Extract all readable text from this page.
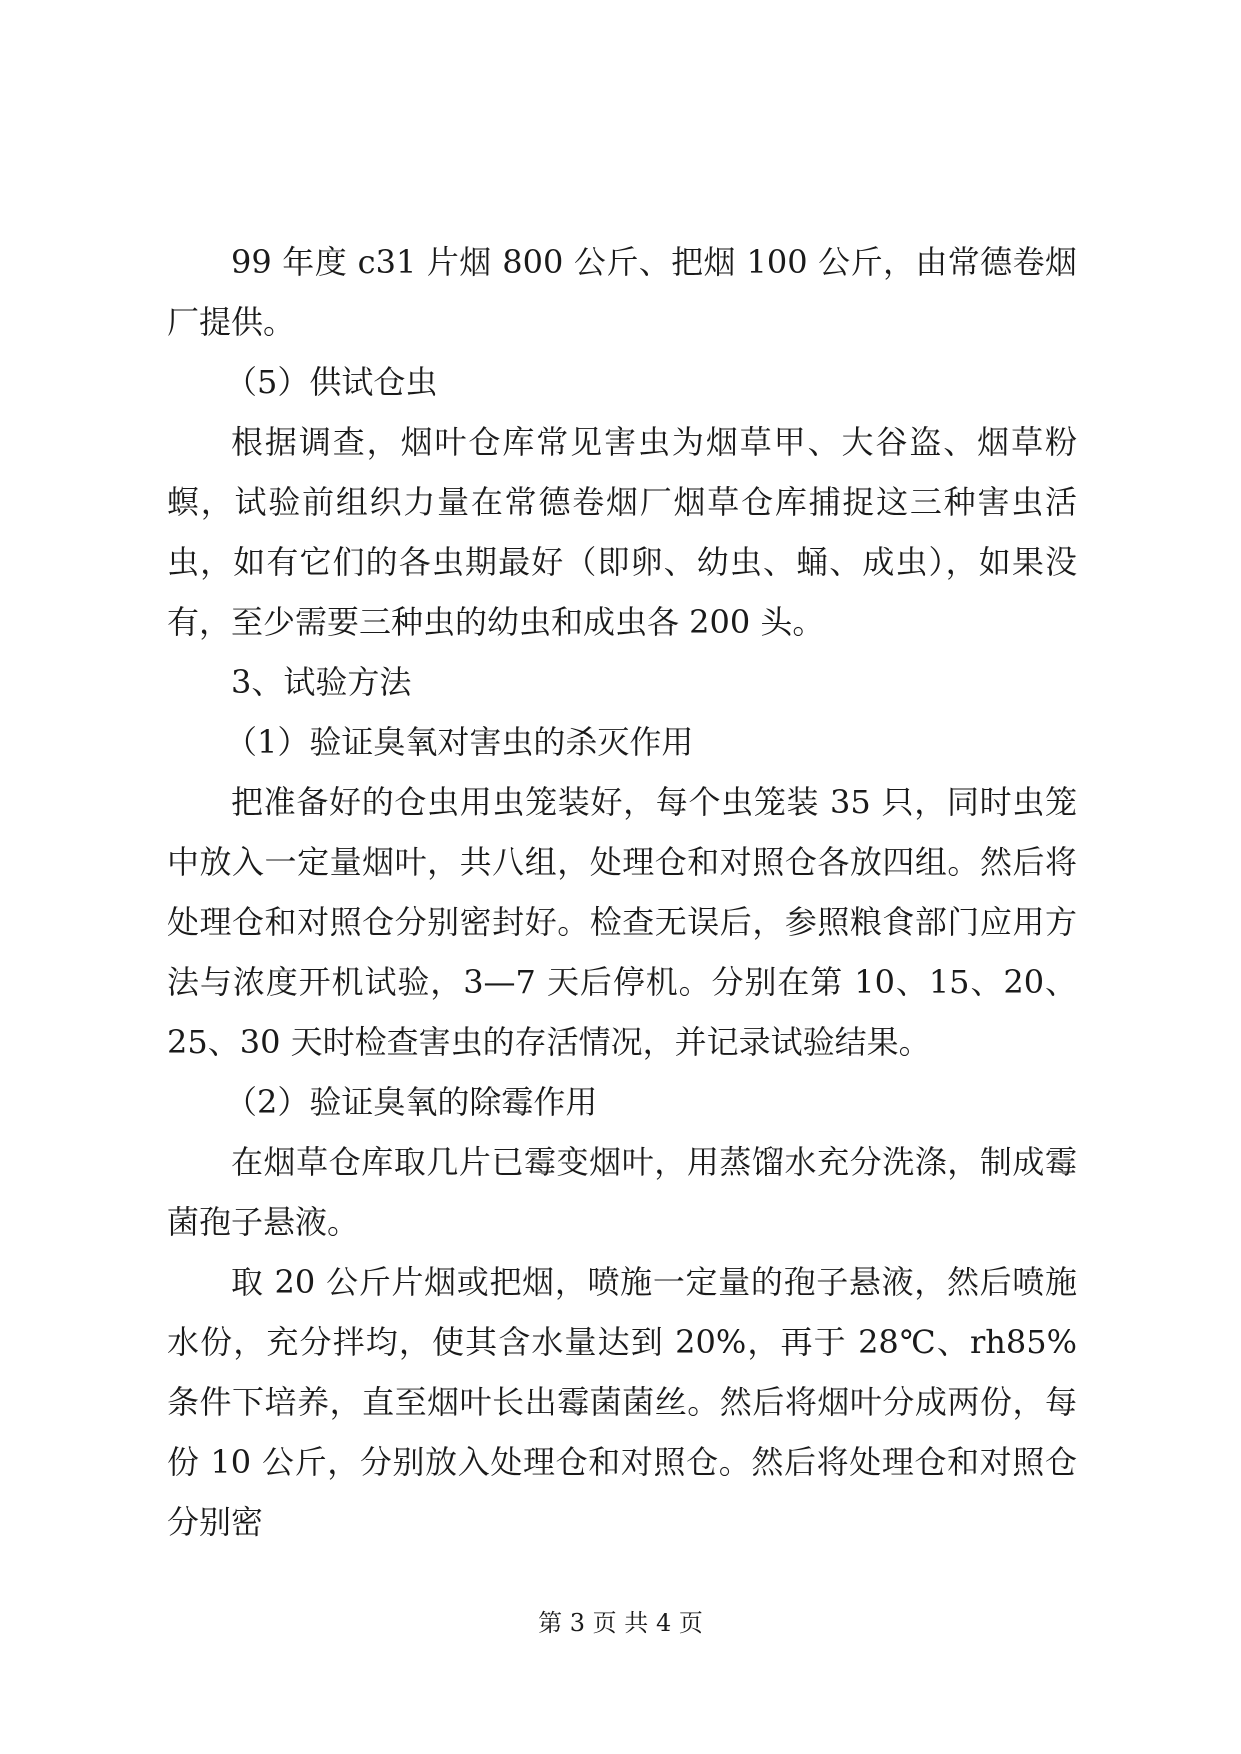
99 年度 c31 片烟 800 公斤、把烟 100 公斤，由常德卷烟厂提供。

（5）供试仓虫

根据调查，烟叶仓库常见害虫为烟草甲、大谷盗、烟草粉螟，试验前组织力量在常德卷烟厂烟草仓库捕捉这三种害虫活虫，如有它们的各虫期最好（即卵、幼虫、蛹、成虫），如果没有，至少需要三种虫的幼虫和成虫各 200 头。

3、试验方法

（1）验证臭氧对害虫的杀灭作用

把准备好的仓虫用虫笼装好，每个虫笼装 35 只，同时虫笼中放入一定量烟叶，共八组，处理仓和对照仓各放四组。然后将处理仓和对照仓分别密封好。检查无误后，参照粮食部门应用方法与浓度开机试验，3—7 天后停机。分别在第 10、15、20、25、30 天时检查害虫的存活情况，并记录试验结果。

（2）验证臭氧的除霉作用

在烟草仓库取几片已霉变烟叶，用蒸馏水充分洗涤，制成霉菌孢子悬液。

取 20 公斤片烟或把烟，喷施一定量的孢子悬液，然后喷施水份，充分拌均，使其含水量达到 20%，再于 28℃、rh85%条件下培养，直至烟叶长出霉菌菌丝。然后将烟叶分成两份，每份 10 公斤，分别放入处理仓和对照仓。然后将处理仓和对照仓分别密

第 3 页 共 4 页
